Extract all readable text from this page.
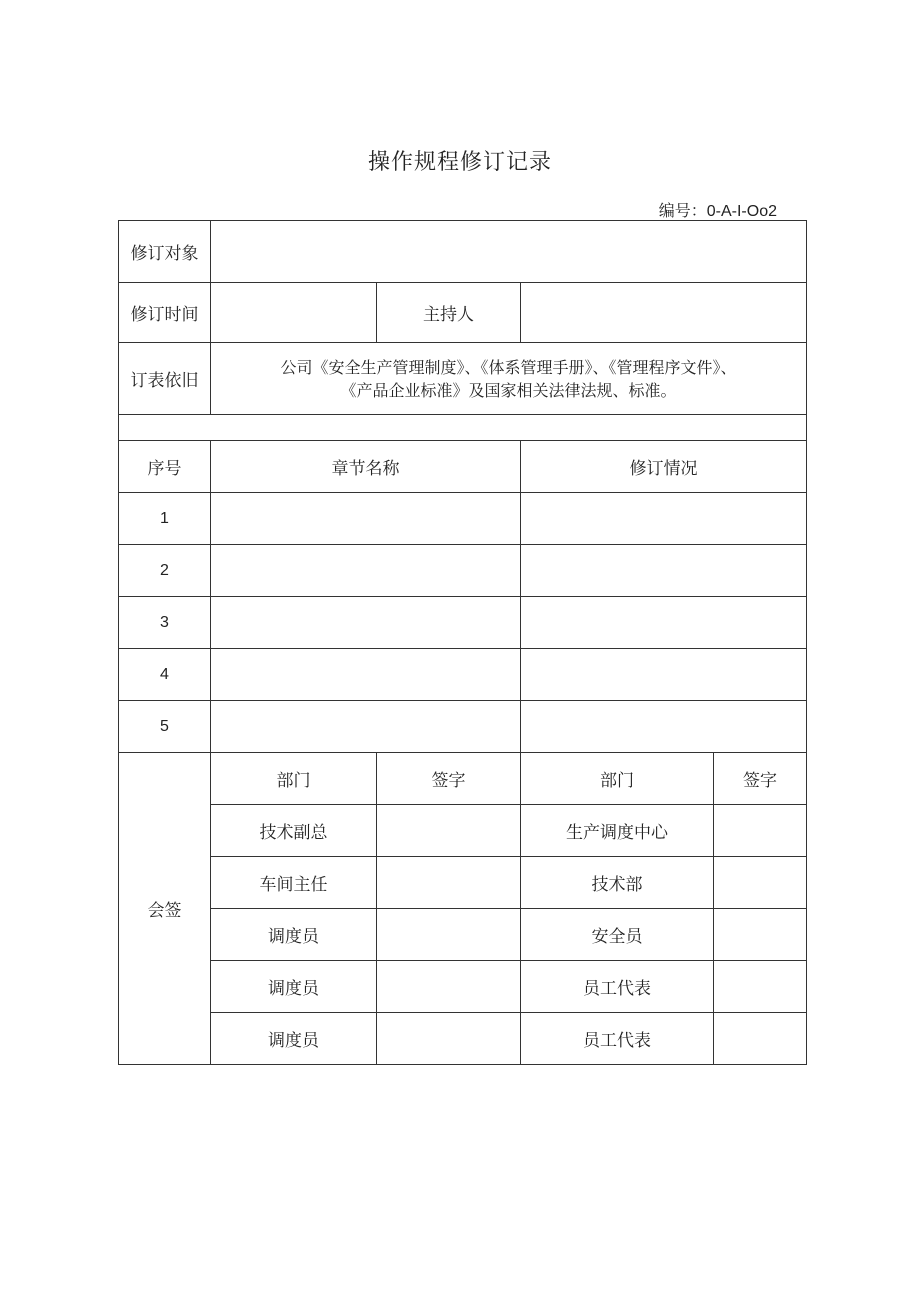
操作规程修订记录
编号：0-A-I-Oo2
修订对象				
修订时间		主持人		
订表依旧	公司《安全生产管理制度》、《体系管理手册》、《管理程序文件》、
《产品企业标准》及国家相关法律法规、标准。			

序号	章节名称		修订情况	
1				
2				
3				
4				
5				
会签	部门	签字	部门	签字
	技术副总		生产调度中心	
	车间主任		技术部	
	调度员		安全员	
	调度员		员工代表	
	调度员		员工代表	
